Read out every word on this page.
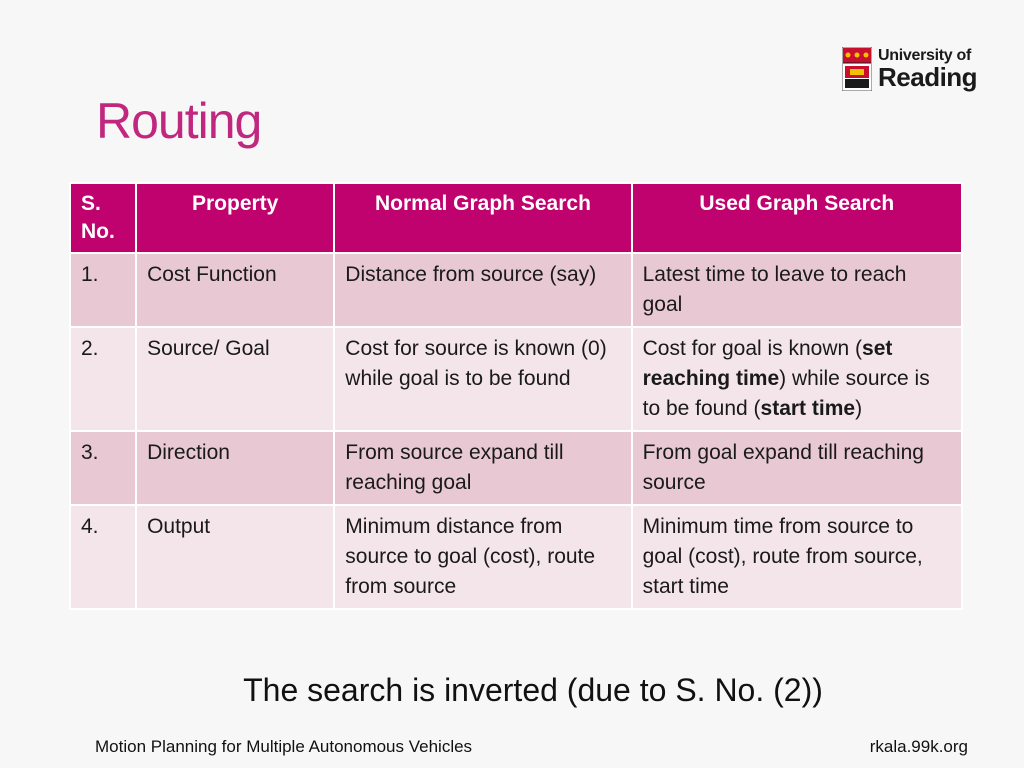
Routing
University of
Reading
S. No.	Property	Normal Graph Search	Used Graph Search
1.	Cost Function	Distance from source (say)	Latest time to leave to reach goal
2.	Source/ Goal	Cost for source is known (0) while goal is to be found	Cost for goal is known (set reaching time) while source is to be found (start time)
3.	Direction	From source expand till reaching goal	From goal expand till reaching source
4.	Output	Minimum distance from source to goal (cost), route from source	Minimum time from source to goal (cost), route from source, start time
The search is inverted (due to S. No. (2))
Motion Planning for Multiple Autonomous Vehicles	rkala.99k.org
